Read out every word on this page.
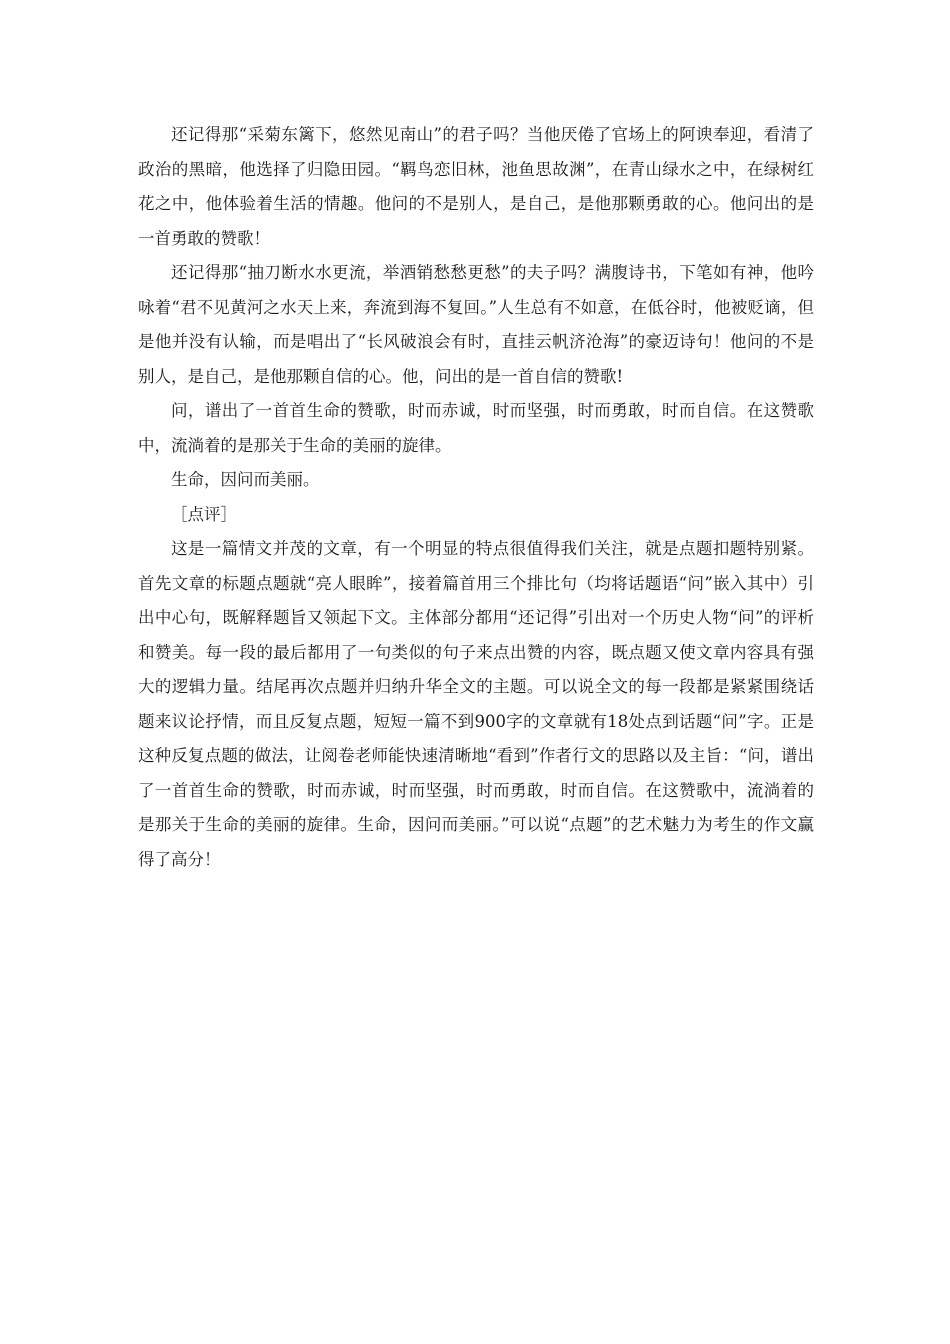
还记得那“采菊东篱下，悠然见南山”的君子吗？当他厌倦了官场上的阿谀奉迎，看清了政治的黑暗，他选择了归隐田园。“羁鸟恋旧林，池鱼思故渊”，在青山绿水之中，在绿树红花之中，他体验着生活的情趣。他问的不是别人，是自己，是他那颗勇敢的心。他问出的是一首勇敢的赞歌！

还记得那“抽刀断水水更流，举酒销愁愁更愁”的夫子吗？满腹诗书，下笔如有神，他吟咏着“君不见黄河之水天上来，奔流到海不复回。”人生总有不如意，在低谷时，他被贬谪，但是他并没有认输，而是唱出了“长风破浪会有时，直挂云帆济沧海”的豪迈诗句！他问的不是别人，是自己，是他那颗自信的心。他，问出的是一首自信的赞歌!

问，谱出了一首首生命的赞歌，时而赤诚，时而坚强，时而勇敢，时而自信。在这赞歌中，流淌着的是那关于生命的美丽的旋律。

生命，因问而美丽。

［点评］

这是一篇情文并茂的文章，有一个明显的特点很值得我们关注，就是点题扣题特别紧。首先文章的标题点题就“亮人眼眸”，接着篇首用三个排比句（均将话题语“问”嵌入其中）引出中心句，既解释题旨又领起下文。主体部分都用“还记得”引出对一个历史人物“问”的评析和赞美。每一段的最后都用了一句类似的句子来点出赞的内容，既点题又使文章内容具有强大的逻辑力量。结尾再次点题并归纳升华全文的主题。可以说全文的每一段都是紧紧围绕话题来议论抒情，而且反复点题，短短一篇不到900字的文章就有18处点到话题“问”字。正是这种反复点题的做法，让阅卷老师能快速清晰地“看到”作者行文的思路以及主旨：“问，谱出了一首首生命的赞歌，时而赤诚，时而坚强，时而勇敢，时而自信。在这赞歌中，流淌着的是那关于生命的美丽的旋律。生命，因问而美丽。”可以说“点题”的艺术魅力为考生的作文赢得了高分！
